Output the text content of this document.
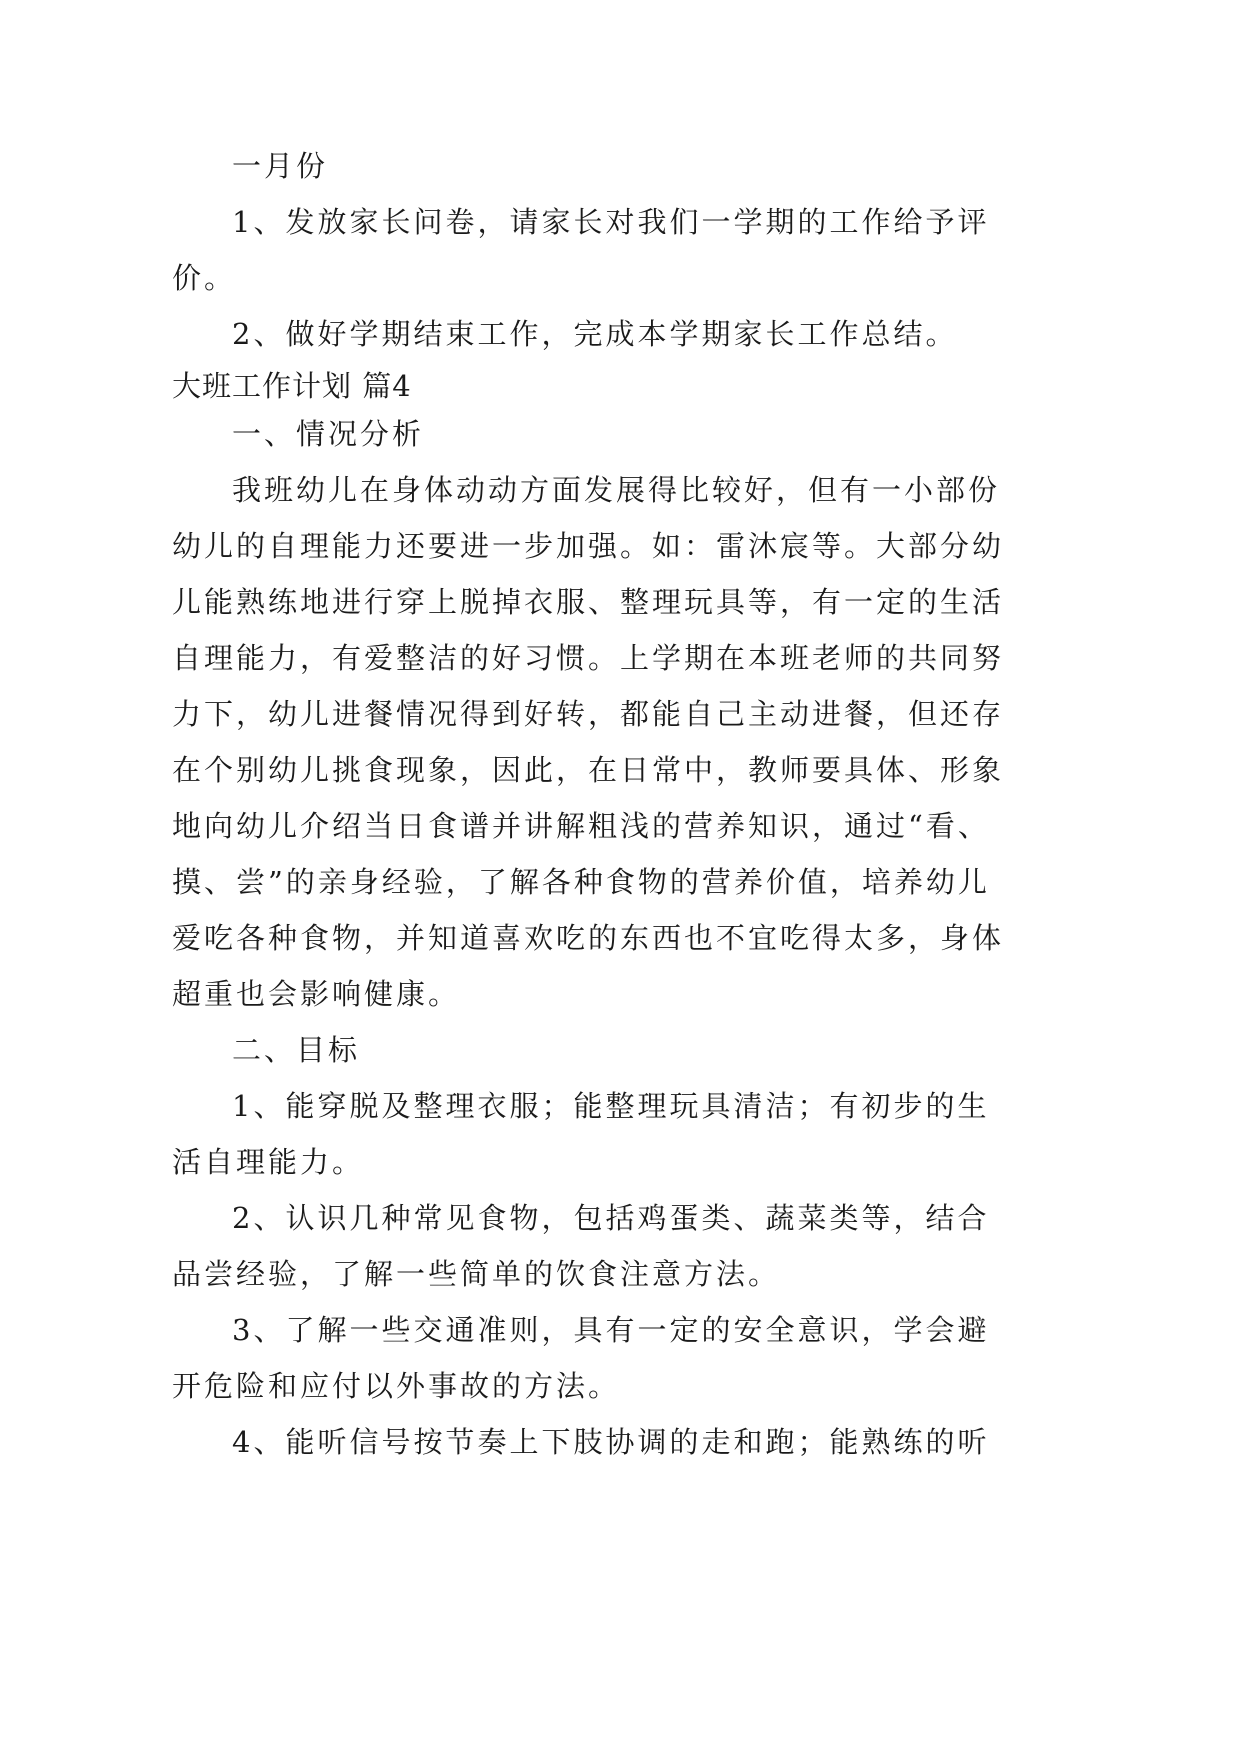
一月份
1、发放家长问卷，请家长对我们一学期的工作给予评
价。
2、做好学期结束工作，完成本学期家长工作总结。
大班工作计划 篇4
一、情况分析
我班幼儿在身体动动方面发展得比较好，但有一小部份
幼儿的自理能力还要进一步加强。如：雷沐宸等。大部分幼
儿能熟练地进行穿上脱掉衣服、整理玩具等，有一定的生活
自理能力，有爱整洁的好习惯。上学期在本班老师的共同努
力下，幼儿进餐情况得到好转，都能自己主动进餐，但还存
在个别幼儿挑食现象，因此，在日常中，教师要具体、形象
地向幼儿介绍当日食谱并讲解粗浅的营养知识，通过“看、
摸、尝”的亲身经验，了解各种食物的营养价值，培养幼儿
爱吃各种食物，并知道喜欢吃的东西也不宜吃得太多，身体
超重也会影响健康。
二、目标
1、能穿脱及整理衣服；能整理玩具清洁；有初步的生
活自理能力。
2、认识几种常见食物，包括鸡蛋类、蔬菜类等，结合
品尝经验，了解一些简单的饮食注意方法。
3、了解一些交通准则，具有一定的安全意识，学会避
开危险和应付以外事故的方法。
4、能听信号按节奏上下肢协调的走和跑；能熟练的听
